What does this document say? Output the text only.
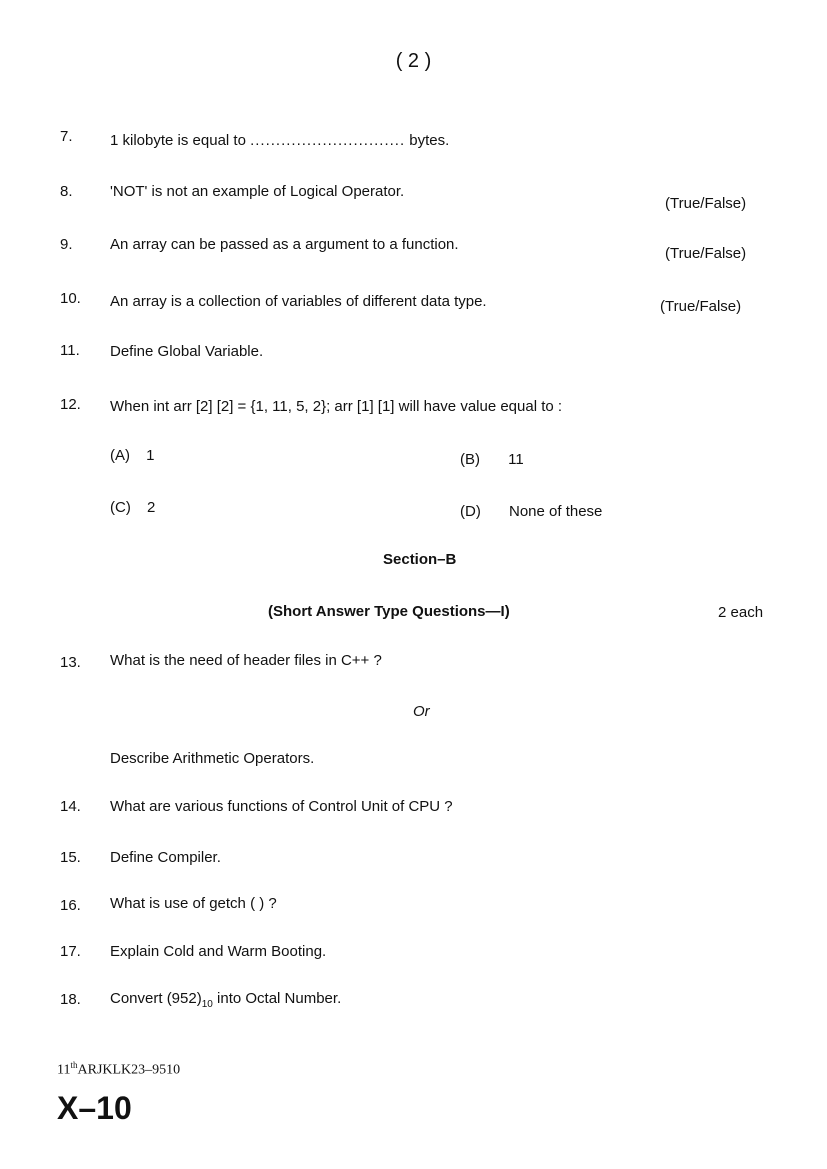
( 2 )
7. 1 kilobyte is equal to .............................. bytes.
8. 'NOT' is not an example of Logical Operator.
(True/False)
9. An array can be passed as a argument to a function.
(True/False)
10. An array is a collection of variables of different data type.	(True/False)
11. Define Global Variable.
12. When int arr [2] [2] = {1, 11, 5, 2}; arr [1] [1] will have value equal to :
(A) 1	(B) 11
(C) 2	(D) None of these
Section–B
(Short Answer Type Questions—I)	2 each
13. What is the need of header files in C++ ?
Or
Describe Arithmetic Operators.
14. What are various functions of Control Unit of CPU ?
15. Define Compiler.
16. What is use of getch ( ) ?
17. Explain Cold and Warm Booting.
18. Convert $(952)_{10}$ into Octal Number.
11thARJKLK23–9510
X–10
